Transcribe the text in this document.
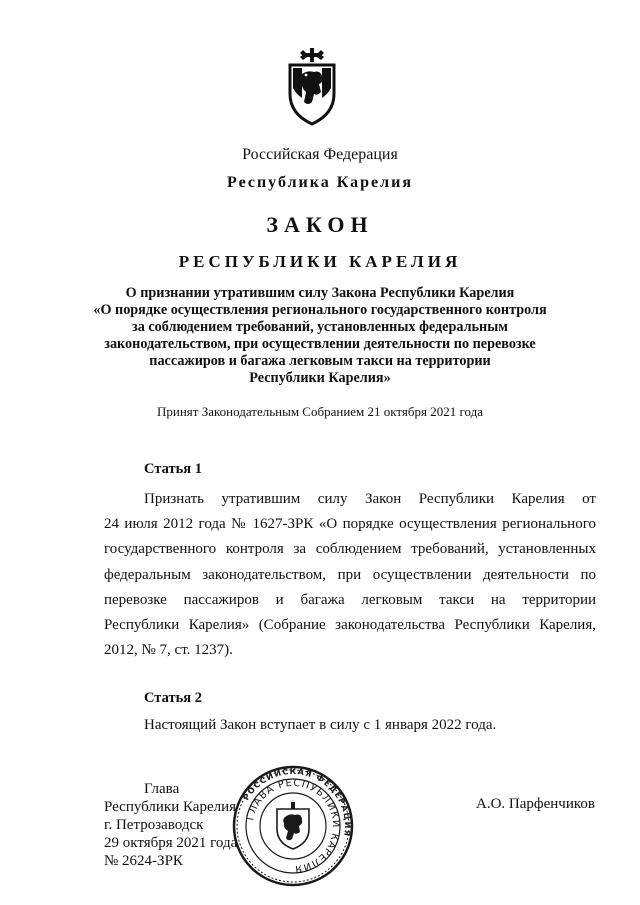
Российская Федерация
Республика Карелия
ЗАКОН
РЕСПУБЛИКИ КАРЕЛИЯ
О признании утратившим силу Закона Республики Карелия
«О порядке осуществления регионального государственного контроля
за соблюдением требований, установленных федеральным
законодательством, при осуществлении деятельности по перевозке
пассажиров и багажа легковым такси на территории
Республики Карелия»
Принят Законодательным Собранием 21 октября 2021 года
Статья 1
Признать утратившим силу Закон Республики Карелия от
24 июля 2012 года № 1627-ЗРК «О порядке осуществления регионального
государственного контроля за соблюдением требований, установленных
федеральным законодательством, при осуществлении деятельности по
перевозке пассажиров и багажа легковым такси на территории
Республики Карелия» (Собрание законодательства Республики Карелия,
2012, № 7, ст. 1237).
Статья 2
Настоящий Закон вступает в силу с 1 января 2022 года.
Глава
Республики Карелия
г. Петрозаводск
29 октября 2021 года
№ 2624-ЗРК
А.О. Парфенчиков
РОССИЙСКАЯ ФЕДЕРАЦИЯ
ГЛАВА РЕСПУБЛИКИ КАРЕЛИЯ
